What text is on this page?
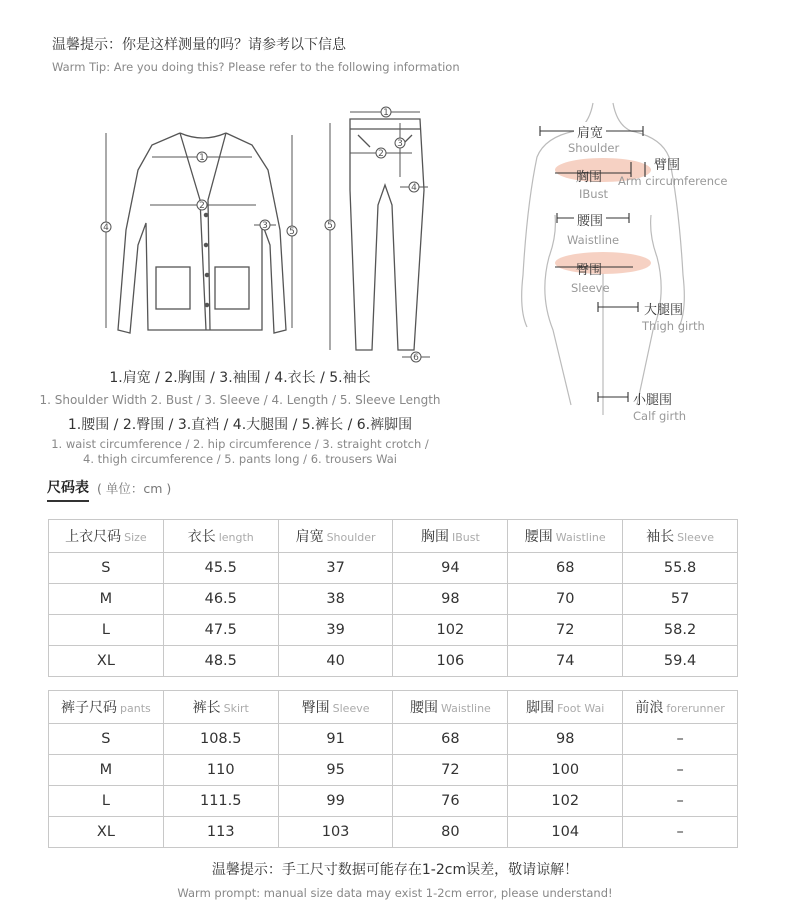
温馨提示：你是这样测量的吗？请参考以下信息
Warm Tip: Are you doing this? Please refer to the following information
1
2
3
4	5
1
2
3
4
5
6
1.肩宽 / 2.胸围 / 3.袖围 / 4.衣长 / 5.袖长
1. Shoulder Width 2. Bust / 3. Sleeve / 4. Length / 5. Sleeve Length
1.腰围 / 2.臀围 / 3.直裆 / 4.大腿围 / 5.裤长 / 6.裤脚围
1. waist circumference / 2. hip circumference / 3. straight crotch /
4. thigh circumference / 5. pants long / 6. trousers Wai
肩宽
Shoulder
臂围
Arm circumference
胸围
IBust
腰围
Waistline
臀围
Sleeve
大腿围
Thigh girth
小腿围
Calf girth
尺码表 ( 单位：cm )
上衣尺码 Size	衣长 length	肩宽 Shoulder	胸围 IBust	腰围 Waistline	袖长 Sleeve
S	45.5	37	94	68	55.8
M	46.5	38	98	70	57
L	47.5	39	102	72	58.2
XL	48.5	40	106	74	59.4
裤子尺码 pants	裤长 Skirt	臀围 Sleeve	腰围 Waistline	脚围 Foot Wai	前浪 forerunner
S	108.5	91	68	98	–
M	110	95	72	100	–
L	111.5	99	76	102	–
XL	113	103	80	104	–
温馨提示：手工尺寸数据可能存在1-2cm误差，敬请谅解！
Warm prompt: manual size data may exist 1-2cm error, please understand!
